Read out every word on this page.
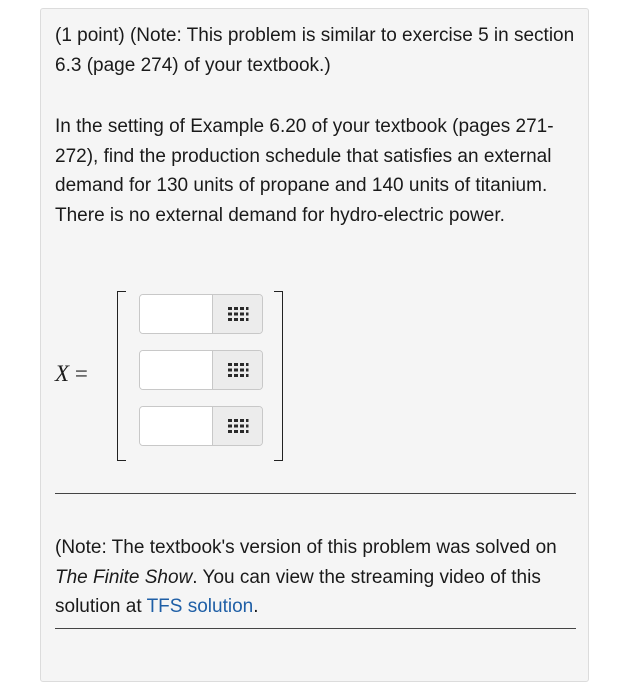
(1 point) (Note: This problem is similar to exercise 5 in section 6.3 (page 274) of your textbook.)
In the setting of Example 6.20 of your textbook (pages 271-272), find the production schedule that satisfies an external demand for 130 units of propane and 140 units of titanium. There is no external demand for hydro-electric power.
X =
(Note: The textbook's version of this problem was solved on The Finite Show. You can view the streaming video of this solution at TFS solution.
